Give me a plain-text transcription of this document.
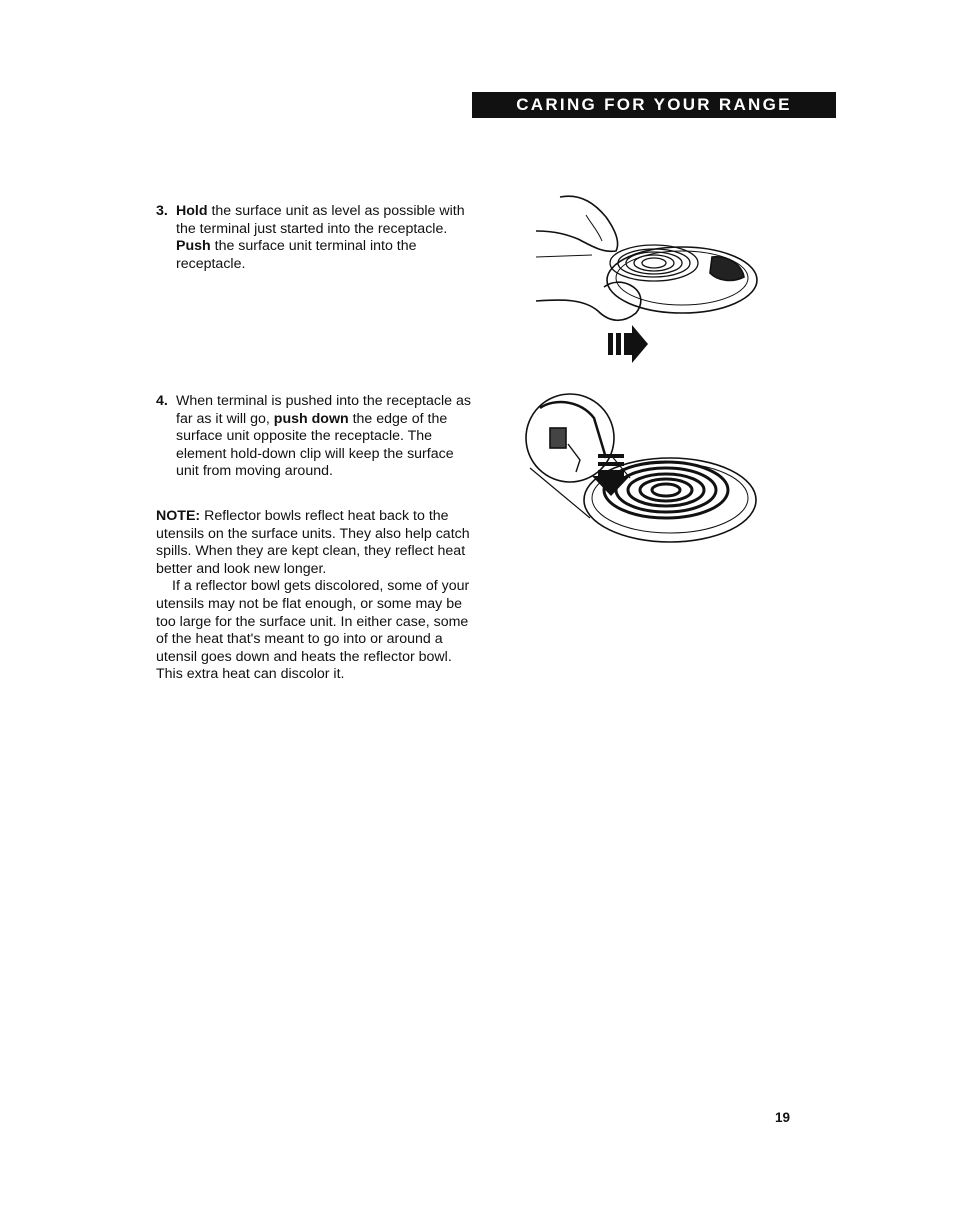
CARING FOR YOUR RANGE
3. Hold the surface unit as level as possible with the terminal just started into the receptacle. Push the surface unit terminal into the receptacle.
4. When terminal is pushed into the receptacle as far as it will go, push down the edge of the surface unit opposite the receptacle. The element hold-down clip will keep the surface unit from moving around.

NOTE: Reflector bowls reflect heat back to the utensils on the surface units. They also help catch spills. When they are kept clean, they reflect heat better and look new longer.

If a reflector bowl gets discolored, some of your utensils may not be flat enough, or some may be too large for the surface unit. In either case, some of the heat that's meant to go into or around a utensil goes down and heats the reflector bowl. This extra heat can discolor it.

19
